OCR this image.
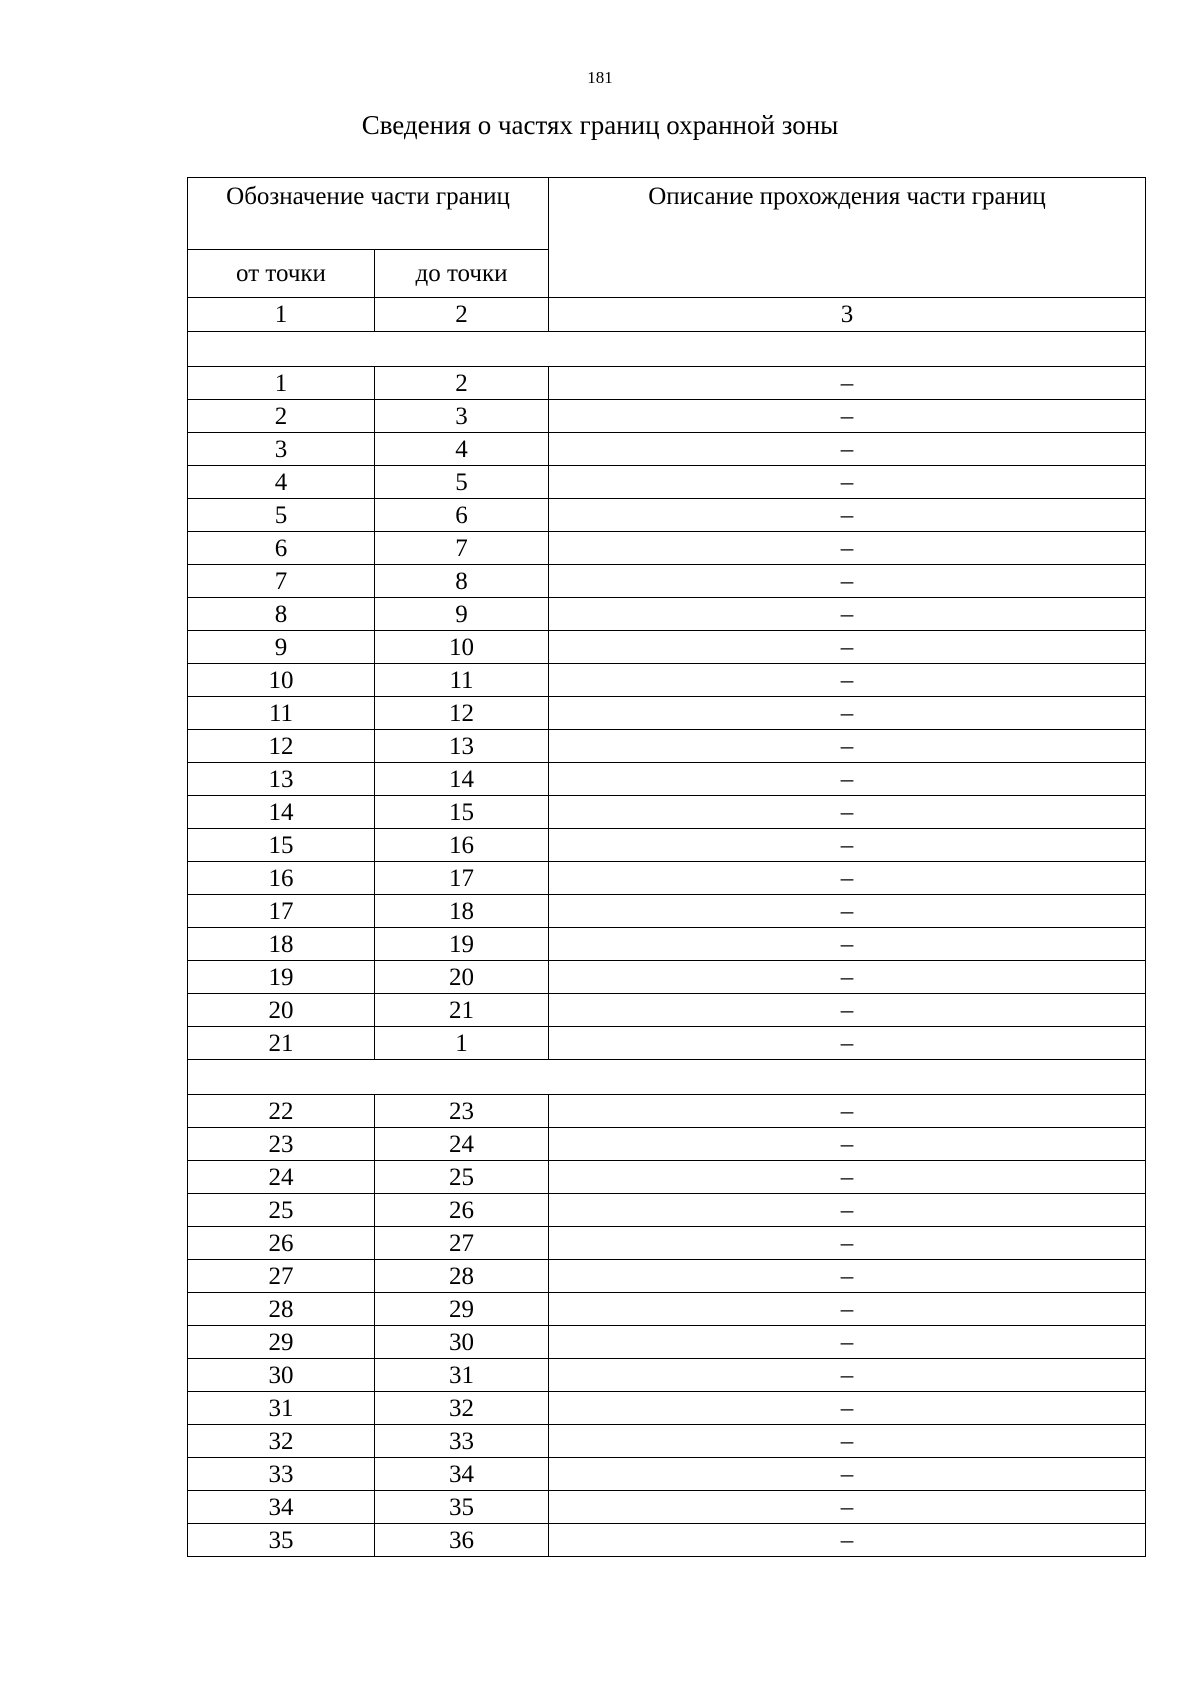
181
Сведения о частях границ охранной зоны
Обозначение части границ		Описание прохождения части границ
от точки	до точки	
1	2	3

1	2	–
2	3	–
3	4	–
4	5	–
5	6	–
6	7	–
7	8	–
8	9	–
9	10	–
10	11	–
11	12	–
12	13	–
13	14	–
14	15	–
15	16	–
16	17	–
17	18	–
18	19	–
19	20	–
20	21	–
21	1	–

22	23	–
23	24	–
24	25	–
25	26	–
26	27	–
27	28	–
28	29	–
29	30	–
30	31	–
31	32	–
32	33	–
33	34	–
34	35	–
35	36	–
